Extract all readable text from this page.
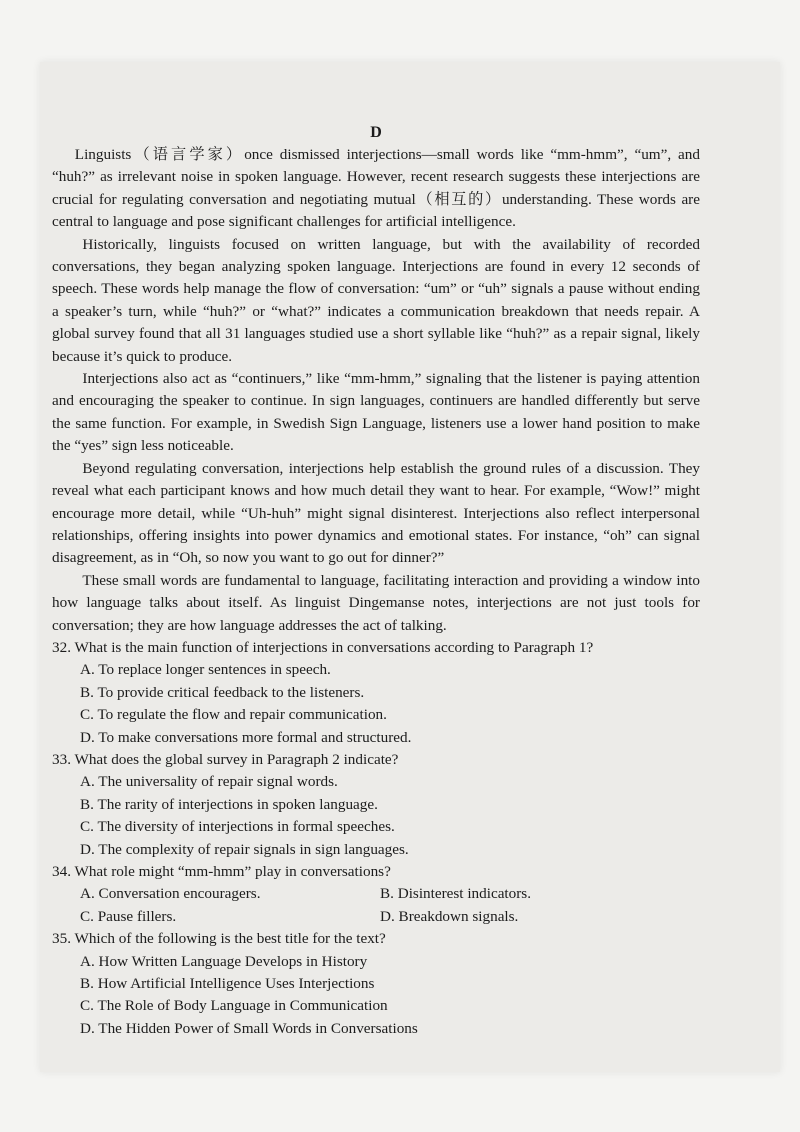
D

Linguists（语言学家）once dismissed interjections—small words like “mm-hmm”, “um”, and “huh?” as irrelevant noise in spoken language. However, recent research suggests these interjections are crucial for regulating conversation and negotiating mutual（相互的）understanding. These words are central to language and pose significant challenges for artificial intelligence.

Historically, linguists focused on written language, but with the availability of recorded conversations, they began analyzing spoken language. Interjections are found in every 12 seconds of speech. These words help manage the flow of conversation: “um” or “uh” signals a pause without ending a speaker’s turn, while “huh?” or “what?” indicates a communication breakdown that needs repair. A global survey found that all 31 languages studied use a short syllable like “huh?” as a repair signal, likely because it’s quick to produce.

Interjections also act as “continuers,” like “mm-hmm,” signaling that the listener is paying attention and encouraging the speaker to continue. In sign languages, continuers are handled differently but serve the same function. For example, in Swedish Sign Language, listeners use a lower hand position to make the “yes” sign less noticeable.

Beyond regulating conversation, interjections help establish the ground rules of a discussion. They reveal what each participant knows and how much detail they want to hear. For example, “Wow!” might encourage more detail, while “Uh-huh” might signal disinterest. Interjections also reflect interpersonal relationships, offering insights into power dynamics and emotional states. For instance, “oh” can signal disagreement, as in “Oh, so now you want to go out for dinner?”

These small words are fundamental to language, facilitating interaction and providing a window into how language talks about itself. As linguist Dingemanse notes, interjections are not just tools for conversation; they are how language addresses the act of talking.

32. What is the main function of interjections in conversations according to Paragraph 1?

A. To replace longer sentences in speech.

B. To provide critical feedback to the listeners.

C. To regulate the flow and repair communication.

D. To make conversations more formal and structured.

33. What does the global survey in Paragraph 2 indicate?

A. The universality of repair signal words.

B. The rarity of interjections in spoken language.

C. The diversity of interjections in formal speeches.

D. The complexity of repair signals in sign languages.

34. What role might “mm-hmm” play in conversations?

A. Conversation encouragers.	B. Disinterest indicators.
C. Pause fillers.	D. Breakdown signals.

35. Which of the following is the best title for the text?

A. How Written Language Develops in History

B. How Artificial Intelligence Uses Interjections

C. The Role of Body Language in Communication

D. The Hidden Power of Small Words in Conversations
